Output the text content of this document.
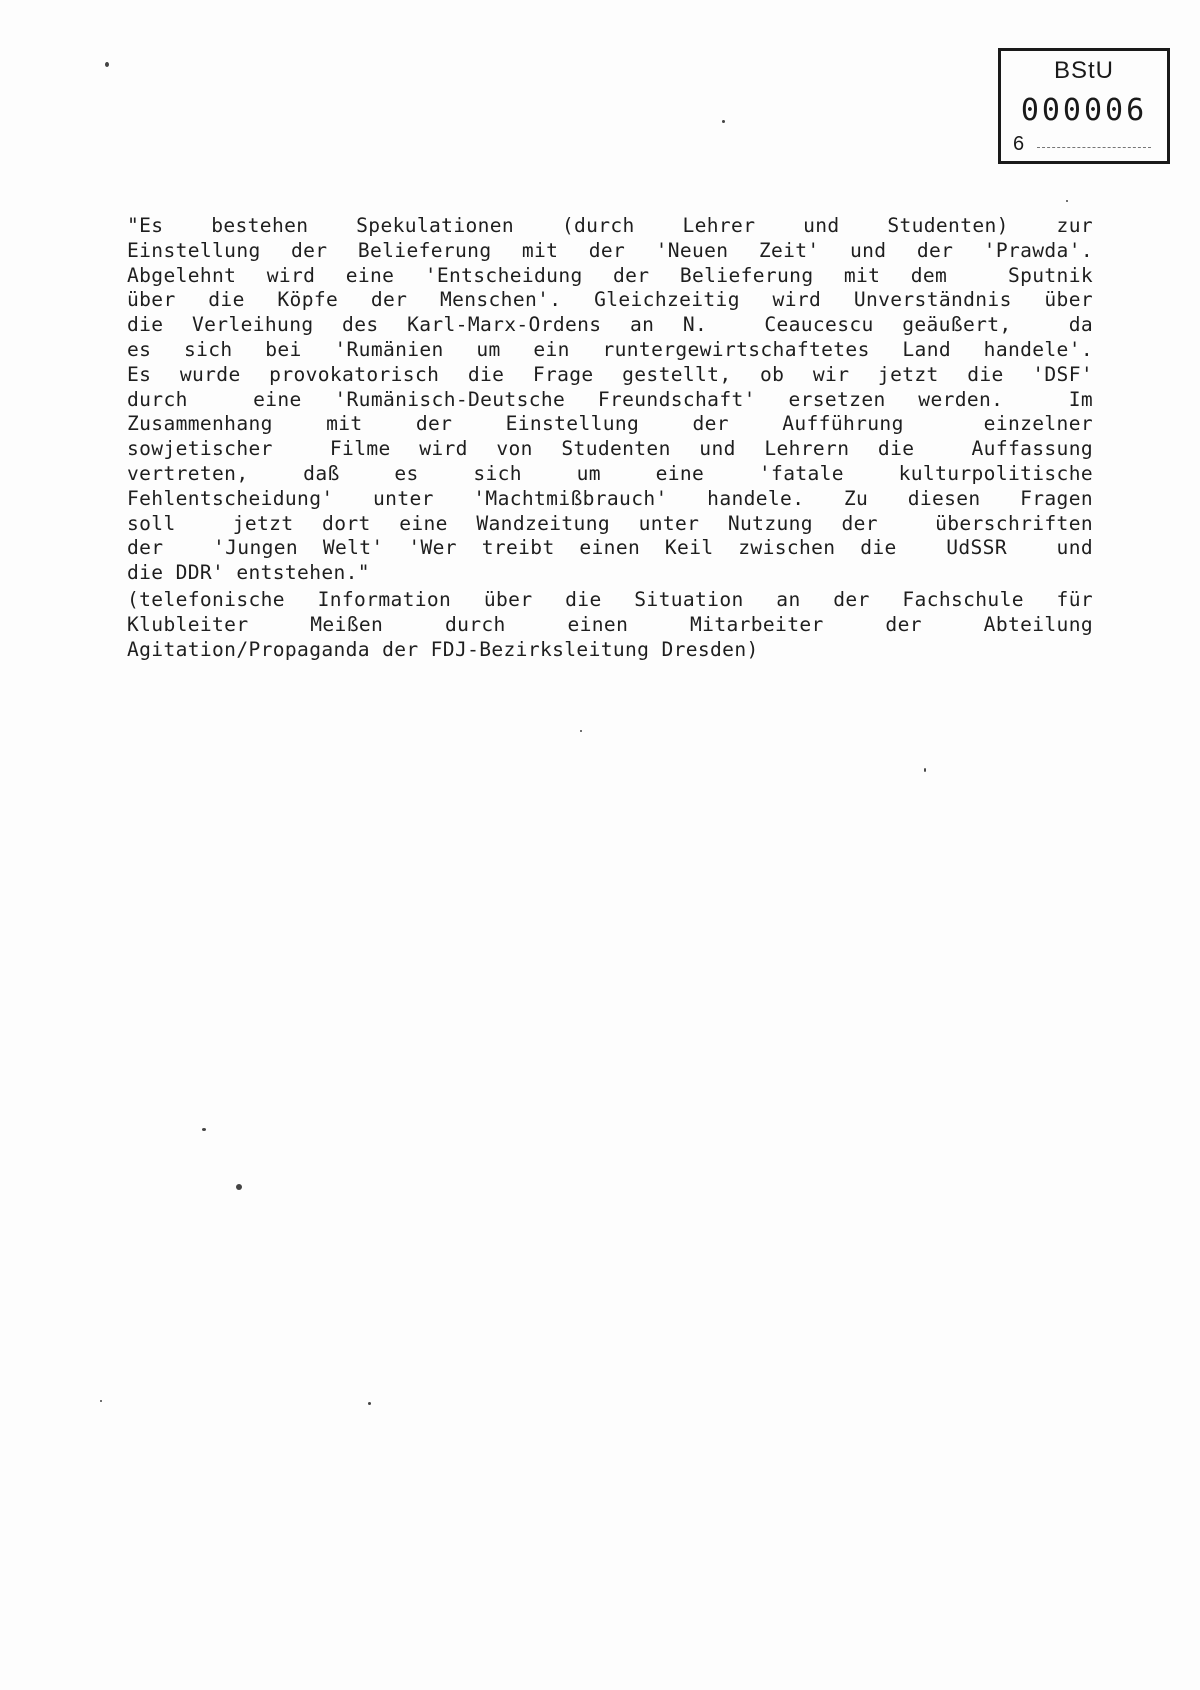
BStU
000006
6
"Es  bestehen  Spekulationen  (durch  Lehrer  und  Studenten)  zur
Einstellung der Belieferung mit der 'Neuen Zeit' und der 'Prawda'.
Abgelehnt wird eine 'Entscheidung der Belieferung mit dem  Sputnik
über die Köpfe der Menschen'. Gleichzeitig wird Unverständnis über
die Verleihung des Karl-Marx-Ordens an N.  Ceaucescu geäußert,  da
es sich bei 'Rumänien um ein runtergewirtschaftetes Land handele'.
Es wurde provokatorisch die Frage gestellt, ob wir jetzt die 'DSF'
durch  eine 'Rumänisch-Deutsche Freundschaft' ersetzen werden.  Im
Zusammenhang  mit  der  Einstellung  der  Aufführung   einzelner
sowjetischer  Filme wird von Studenten und Lehrern die  Auffassung
vertreten,  daß  es  sich  um  eine  'fatale  kulturpolitische
Fehlentscheidung' unter 'Machtmißbrauch' handele. Zu diesen Fragen
soll  jetzt dort eine Wandzeitung unter Nutzung der  überschriften
der  'Jungen Welt' 'Wer treibt einen Keil zwischen die  UdSSR  und
die DDR' entstehen."
(telefonische Information über die Situation an der Fachschule für
Klubleiter  Meißen  durch  einen  Mitarbeiter  der  Abteilung
Agitation/Propaganda der FDJ-Bezirksleitung Dresden)
